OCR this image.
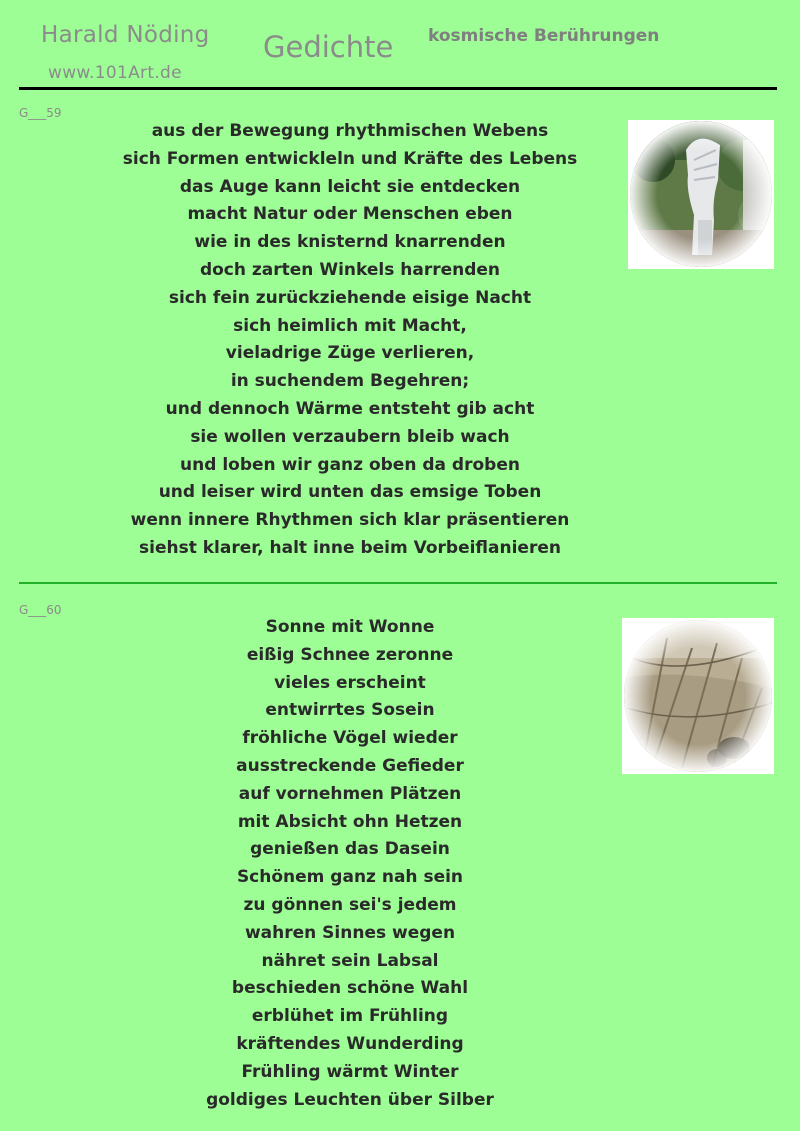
Harald Nöding
www.101Art.de
Gedichte kosmische Berührungen
G___59
aus der Bewegung rhythmischen Webens
sich Formen entwickleln und Kräfte des Lebens
das Auge kann leicht sie entdecken
macht Natur oder Menschen eben
wie in des knisternd knarrenden
doch zarten Winkels harrenden
sich fein zurückziehende eisige Nacht
sich heimlich mit Macht,
vieladrige Züge verlieren,
in suchendem Begehren;
und dennoch Wärme entsteht gib acht
sie wollen verzaubern bleib wach
und loben wir ganz oben da droben
und leiser wird unten das emsige Toben
wenn innere Rhythmen sich klar präsentieren
siehst klarer, halt inne beim Vorbeiflanieren
G___60
Sonne mit Wonne
eißig Schnee zeronne
vieles erscheint
entwirrtes Sosein
fröhliche Vögel wieder
ausstreckende Gefieder
auf vornehmen Plätzen
mit Absicht ohn Hetzen
genießen das Dasein
Schönem ganz nah sein
zu gönnen sei's jedem
wahren Sinnes wegen
nähret sein Labsal
beschieden schöne Wahl
erblühet im Frühling
kräftendes Wunderding
Frühling wärmt Winter
goldiges Leuchten über Silber
